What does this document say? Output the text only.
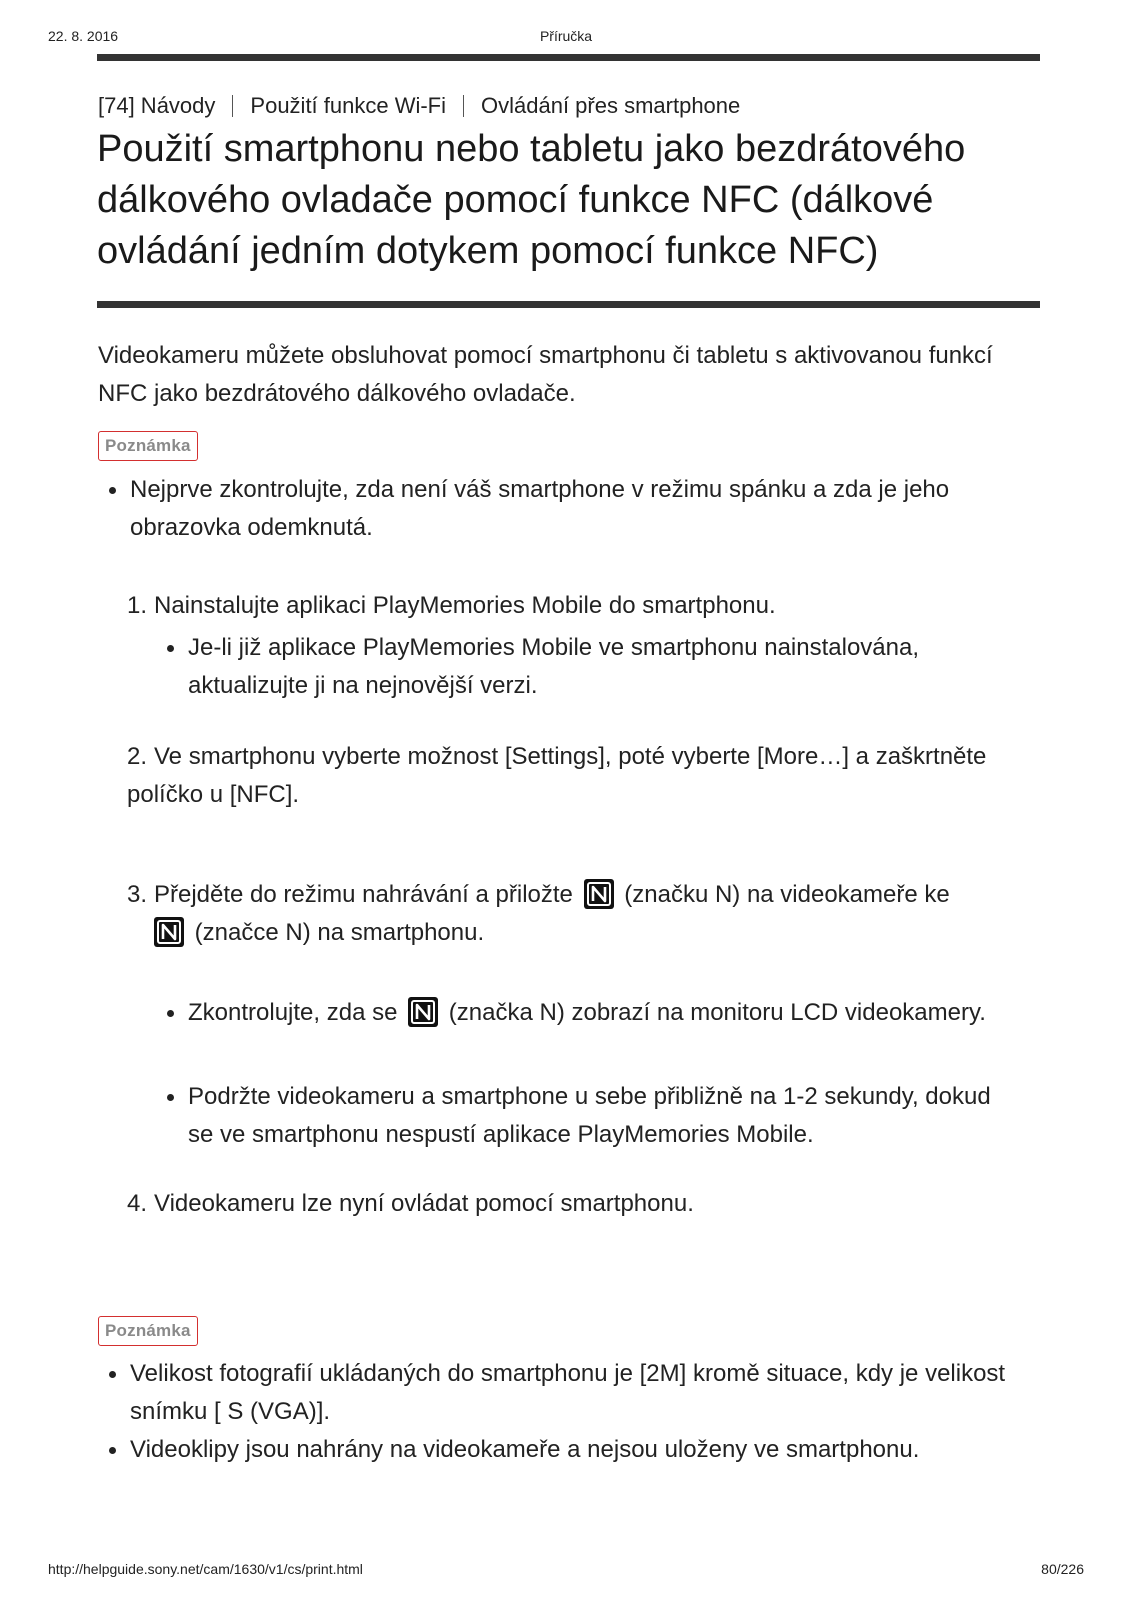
22. 8. 2016	Příručka
[74] Návody Použití funkce Wi-Fi Ovládání přes smartphone
Použití smartphonu nebo tabletu jako bezdrátového dálkového ovladače pomocí funkce NFC (dálkové ovládání jedním dotykem pomocí funkce NFC)

Videokameru můžete obsluhovat pomocí smartphonu či tabletu s aktivovanou funkcí NFC jako bezdrátového dálkového ovladače.

Poznámka

Nejprve zkontrolujte, zda není váš smartphone v režimu spánku a zda je jeho obrazovka odemknutá.

1. Nainstalujte aplikaci PlayMemories Mobile do smartphonu.

Je-li již aplikace PlayMemories Mobile ve smartphonu nainstalována, aktualizujte ji na nejnovější verzi.

2. Ve smartphonu vyberte možnost [Settings], poté vyberte [More…] a zaškrtněte políčko u [NFC].

3. Přejděte do režimu nahrávání a přiložte (značku N) na videokameře ke

(značce N) na smartphonu.

Zkontrolujte, zda se (značka N) zobrazí na monitoru LCD videokamery.

Podržte videokameru a smartphone u sebe přibližně na 1-2 sekundy, dokud se ve smartphonu nespustí aplikace PlayMemories Mobile.

4. Videokameru lze nyní ovládat pomocí smartphonu.

Poznámka

Velikost fotografií ukládaných do smartphonu je [2M] kromě situace, kdy je velikost snímku [ S (VGA)].

Videoklipy jsou nahrány na videokameře a nejsou uloženy ve smartphonu.

http://helpguide.sony.net/cam/1630/v1/cs/print.html	80/226
